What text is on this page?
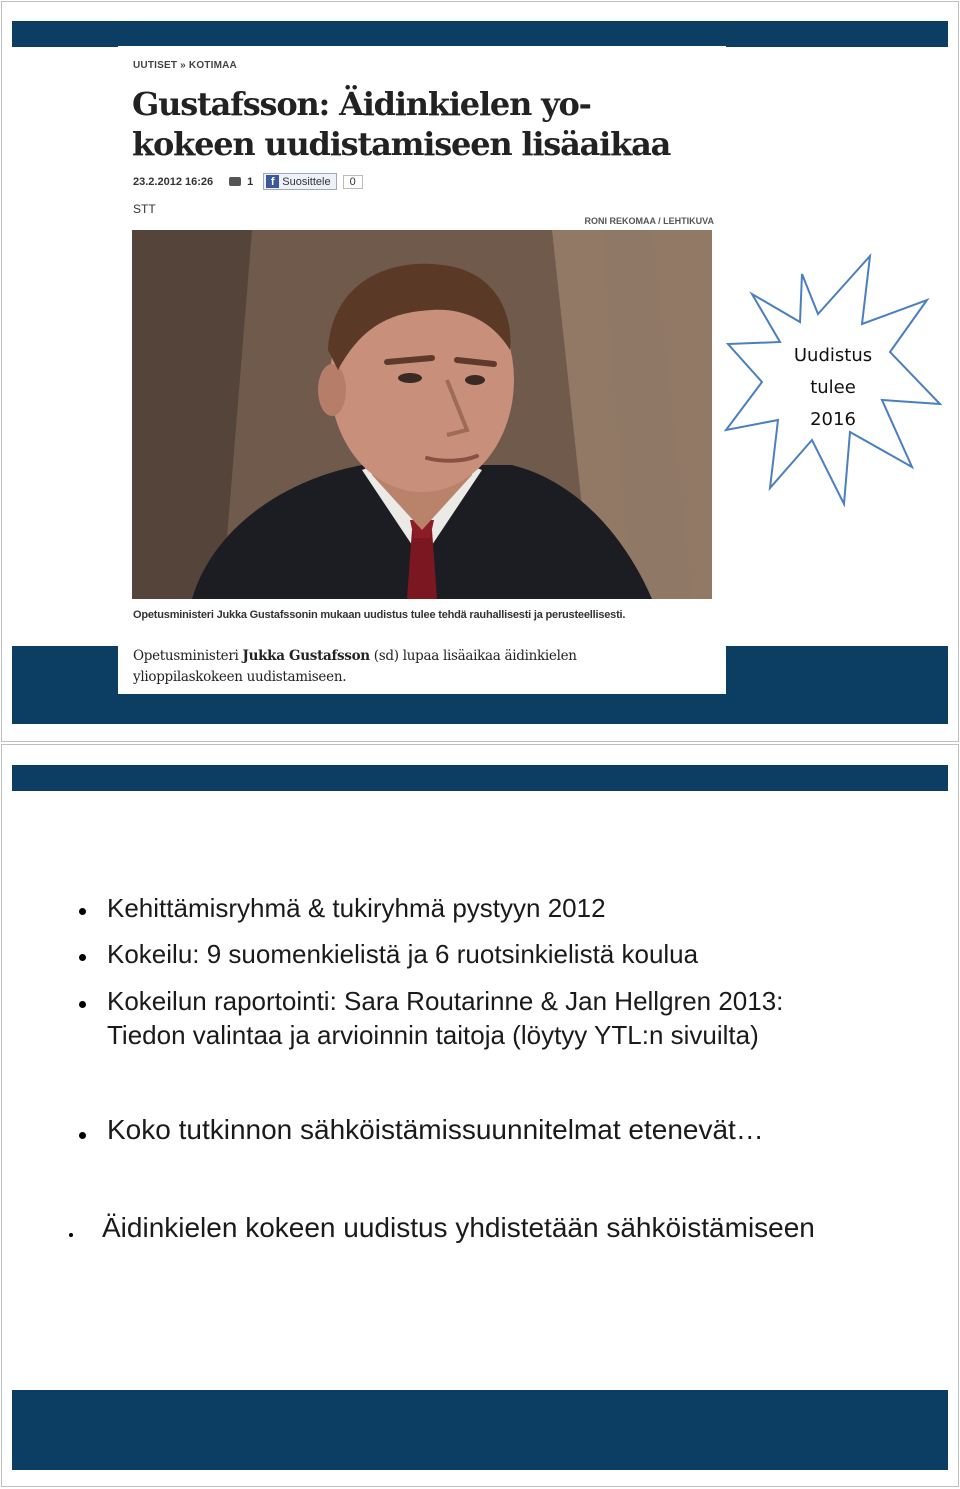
UUTISET » KOTIMAA
Gustafsson: Äidinkielen yo-
kokeen uudistamiseen lisäaikaa
23.2.2012 16:26	1	f Suosittele	0
STT
RONI REKOMAA / LEHTIKUVA
Opetusministeri Jukka Gustafssonin mukaan uudistus tulee tehdä rauhallisesti ja perusteellisesti.
Opetusministeri Jukka Gustafsson (sd) lupaa lisäaikaa äidinkielen
ylioppilaskokeen uudistamiseen.
Uudistus
tulee
2016
Kehittämisryhmä & tukiryhmä pystyyn 2012
Kokeilu: 9 suomenkielistä ja 6 ruotsinkielistä koulua
Kokeilun raportointi: Sara Routarinne & Jan Hellgren 2013:
Tiedon valintaa ja arvioinnin taitoja (löytyy YTL:n sivuilta)
Koko tutkinnon sähköistämissuunnitelmat etenevät…
Äidinkielen kokeen uudistus yhdistetään sähköistämiseen
